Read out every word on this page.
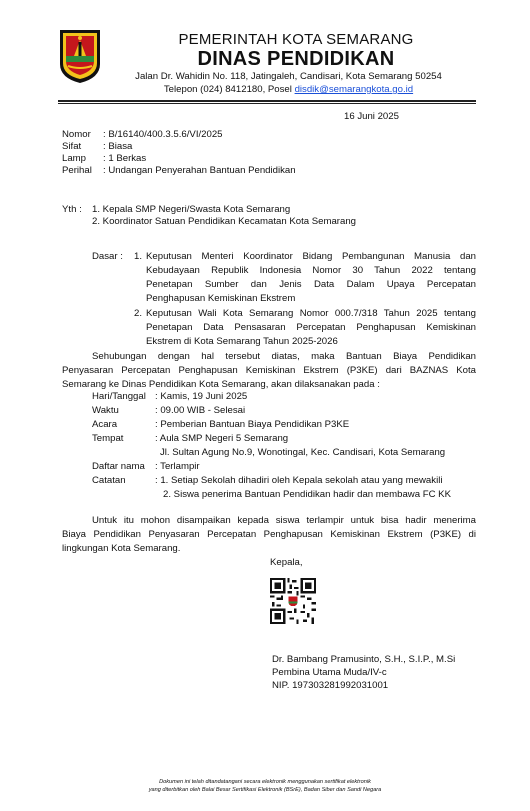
PEMERINTAH KOTA SEMARANG
DINAS PENDIDIKAN
Jalan Dr. Wahidin No. 118, Jatingaleh, Candisari, Kota Semarang 50254
Telepon (024) 8412180, Posel disdik@semarangkota.go.id
16 Juni 2025
Nomor	: B/16140/400.3.5.6/VI/2025
Sifat	: Biasa
Lamp	: 1 Berkas
Perihal	: Undangan Penyerahan Bantuan Pendidikan
Yth : 1. Kepala SMP Negeri/Swasta Kota Semarang
2. Koordinator Satuan Pendidikan Kecamatan Kota Semarang
Dasar : 1. Keputusan Menteri Koordinator Bidang Pembangunan Manusia dan
Kebudayaan Republik Indonesia Nomor 30 Tahun 2022 tentang
Penetapan Sumber dan Jenis Data Dalam Upaya Percepatan
Penghapusan Kemiskinan Ekstrem
2. Keputusan Wali Kota Semarang Nomor 000.7/318 Tahun 2025 tentang
Penetapan Data Pensasaran Percepatan Penghapusan Kemiskinan
Ekstrem di Kota Semarang Tahun 2025-2026
Sehubungan dengan hal tersebut diatas, maka Bantuan Biaya Pendidikan
Penyasaran Percepatan Penghapusan Kemiskinan Ekstrem (P3KE) dari BAZNAS Kota
Semarang ke Dinas Pendidikan Kota Semarang, akan dilaksanakan pada :
Hari/Tanggal : Kamis, 19 Juni 2025
Waktu	: 09.00 WIB - Selesai
Acara	: Pemberian Bantuan Biaya Pendidikan P3KE
Tempat	: Aula SMP Negeri 5 Semarang
Jl. Sultan Agung No.9, Wonotingal, Kec. Candisari, Kota Semarang
Daftar nama : Terlampir
Catatan	: 1. Setiap Sekolah dihadiri oleh Kepala sekolah atau yang mewakili
2. Siswa penerima Bantuan Pendidikan hadir dan membawa FC KK
Untuk itu mohon disampaikan kepada siswa terlampir untuk bisa hadir menerima
Biaya Pendidikan Penyasaran Percepatan Penghapusan Kemiskinan Ekstrem (P3KE) di
lingkungan Kota Semarang.
Kepala,
Dr. Bambang Pramusinto, S.H., S.I.P., M.Si
Pembina Utama Muda/IV-c
NIP. 197303281992031001
Dokumen ini telah ditandatangani secara elektronik menggunakan sertifikat elektronik
yang diterbitkan oleh Balai Besar Sertifikasi Elektronik (BSrE), Badan Siber dan Sandi Negara
